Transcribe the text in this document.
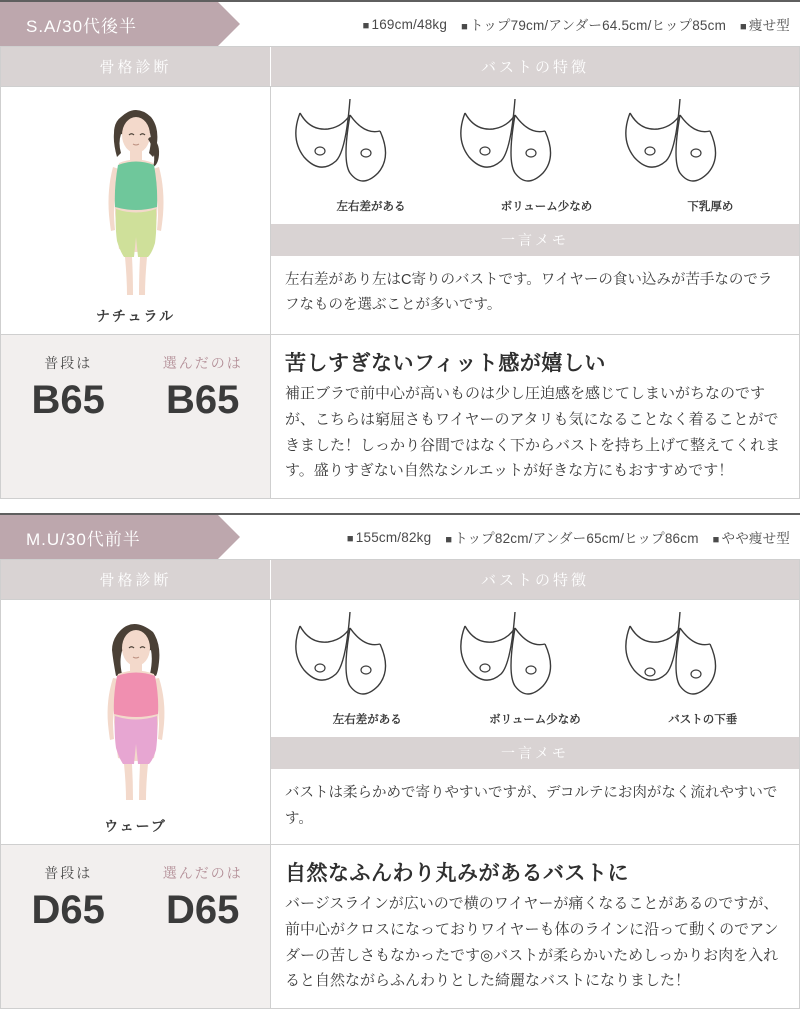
S.A/30代後半	■ 169cm/48kg ■ トップ79cm/アンダー64.5cm/ヒップ85cm ■ 痩せ型
骨格診断	バストの特徴
ナチュラル
左右差がある	ボリューム少なめ	下乳厚め
一言メモ
左右差があり左はC寄りのバストです。ワイヤーの食い込みが苦手なのでラフなものを選ぶことが多いです。
普段は
B65
選んだのは
B65
苦しすぎないフィット感が嬉しい
補正ブラで前中心が高いものは少し圧迫感を感じてしまいがちなのですが、こちらは窮屈さもワイヤーのアタリも気になることなく着ることができました！しっかり谷間ではなく下からバストを持ち上げて整えてくれます。盛りすぎない自然なシルエットが好きな方にもおすすめです！
M.U/30代前半	■ 155cm/82kg ■ トップ82cm/アンダー65cm/ヒップ86cm ■ やや痩せ型
骨格診断	バストの特徴
ウェーブ
左右差がある	ボリューム少なめ	バストの下垂
一言メモ
バストは柔らかめで寄りやすいですが、デコルテにお肉がなく流れやすいです。
普段は
D65
選んだのは
D65
自然なふんわり丸みがあるバストに
バージスラインが広いので横のワイヤーが痛くなることがあるのですが、前中心がクロスになっておりワイヤーも体のラインに沿って動くのでアンダーの苦しさもなかったです◎バストが柔らかいためしっかりお肉を入れると自然ながらふんわりとした綺麗なバストになりました！
